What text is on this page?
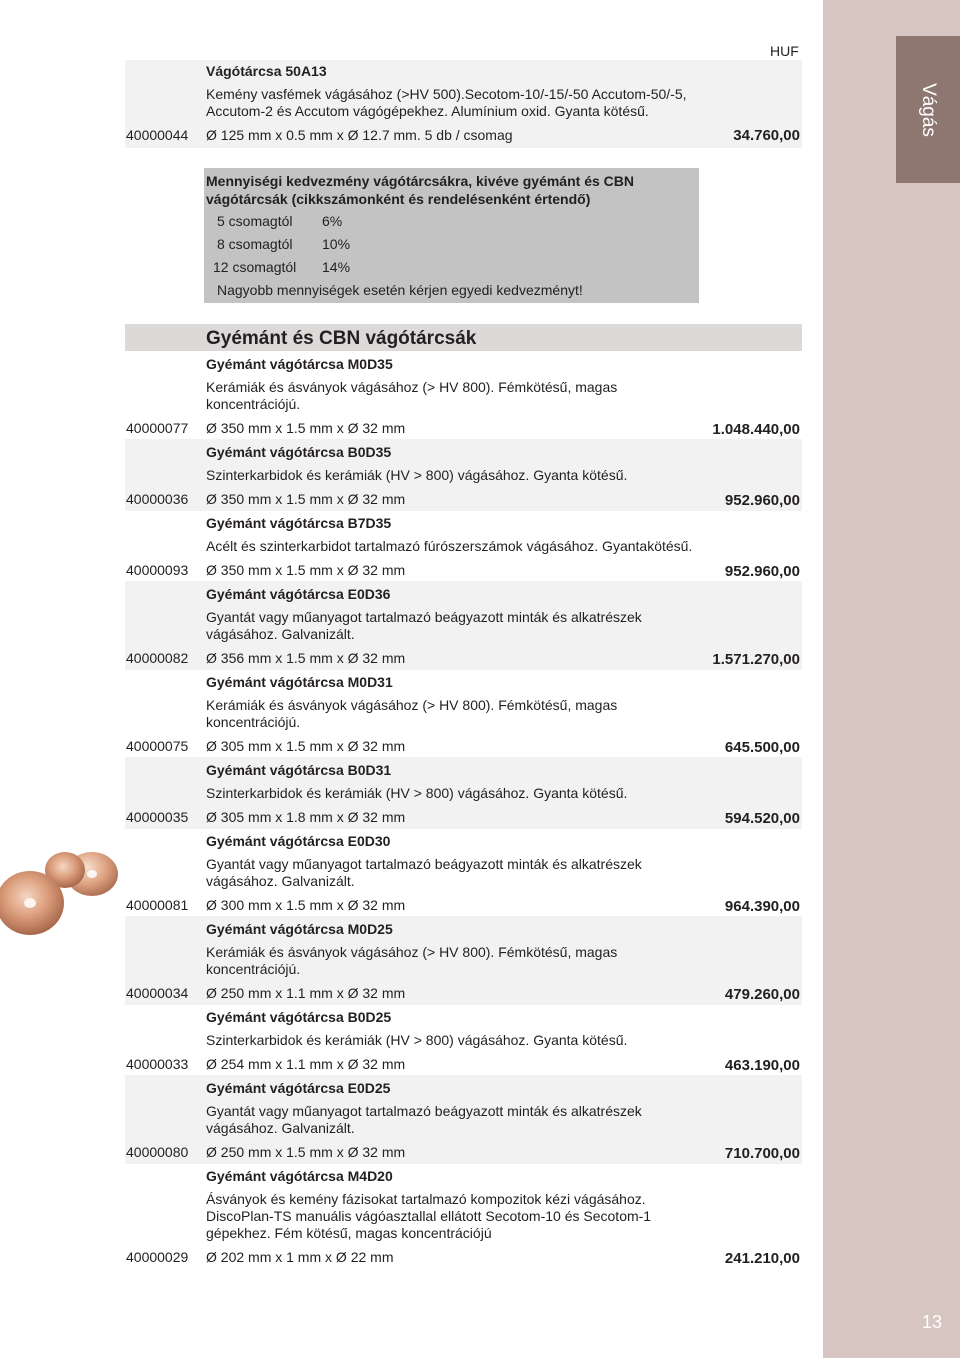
Vágás
13
HUF
Vágótárcsa 50A13
Kemény vasfémek vágásához (>HV 500).Secotom-10/-15/-50 Accutom-50/-5,
Accutom-2 és Accutom vágógépekhez. Alumínium oxid. Gyanta kötésű.
40000044 Ø 125 mm x 0.5 mm x Ø 12.7 mm. 5 db / csomag	34.760,00
Mennyiségi kedvezmény vágótárcsákra, kivéve gyémánt és CBN
vágótárcsák (cikkszámonként és rendelésenként értendő)
5 csomagtól 6%
8 csomagtól 10%
12 csomagtól 14%
Nagyobb mennyiségek esetén kérjen egyedi kedvezményt!
Gyémánt és CBN vágótárcsák
Gyémánt vágótárcsa M0D35
Kerámiák és ásványok vágásához (> HV 800). Fémkötésű, magas
koncentrációjú.
40000077 Ø 350 mm x 1.5 mm x Ø 32 mm	1.048.440,00
Gyémánt vágótárcsa B0D35
Szinterkarbidok és kerámiák (HV > 800) vágásához. Gyanta kötésű.
40000036 Ø 350 mm x 1.5 mm x Ø 32 mm	952.960,00
Gyémánt vágótárcsa B7D35
Acélt és szinterkarbidot tartalmazó fúrószerszámok vágásához. Gyantakötésű.
40000093 Ø 350 mm x 1.5 mm x Ø 32 mm	952.960,00
Gyémánt vágótárcsa E0D36
Gyantát vagy műanyagot tartalmazó beágyazott minták és alkatrészek
vágásához. Galvanizált.
40000082 Ø 356 mm x 1.5 mm x Ø 32 mm	1.571.270,00
Gyémánt vágótárcsa M0D31
Kerámiák és ásványok vágásához (> HV 800). Fémkötésű, magas
koncentrációjú.
40000075 Ø 305 mm x 1.5 mm x Ø 32 mm	645.500,00
Gyémánt vágótárcsa B0D31
Szinterkarbidok és kerámiák (HV > 800) vágásához. Gyanta kötésű.
40000035 Ø 305 mm x 1.8 mm x Ø 32 mm	594.520,00
Gyémánt vágótárcsa E0D30
Gyantát vagy műanyagot tartalmazó beágyazott minták és alkatrészek
vágásához. Galvanizált.
40000081 Ø 300 mm x 1.5 mm x Ø 32 mm	964.390,00
Gyémánt vágótárcsa M0D25
Kerámiák és ásványok vágásához (> HV 800). Fémkötésű, magas
koncentrációjú.
40000034 Ø 250 mm x 1.1 mm x Ø 32 mm	479.260,00
Gyémánt vágótárcsa B0D25
Szinterkarbidok és kerámiák (HV > 800) vágásához. Gyanta kötésű.
40000033 Ø 254 mm x 1.1 mm x Ø 32 mm	463.190,00
Gyémánt vágótárcsa E0D25
Gyantát vagy műanyagot tartalmazó beágyazott minták és alkatrészek
vágásához. Galvanizált.
40000080 Ø 250 mm x 1.5 mm x Ø 32 mm	710.700,00
Gyémánt vágótárcsa M4D20
Ásványok és kemény fázisokat tartalmazó kompozitok kézi vágásához.
DiscoPlan-TS manuális vágóasztallal ellátott Secotom-10 és Secotom-1
gépekhez. Fém kötésű, magas koncentrációjú
40000029 Ø 202 mm x 1 mm x Ø 22 mm	241.210,00
